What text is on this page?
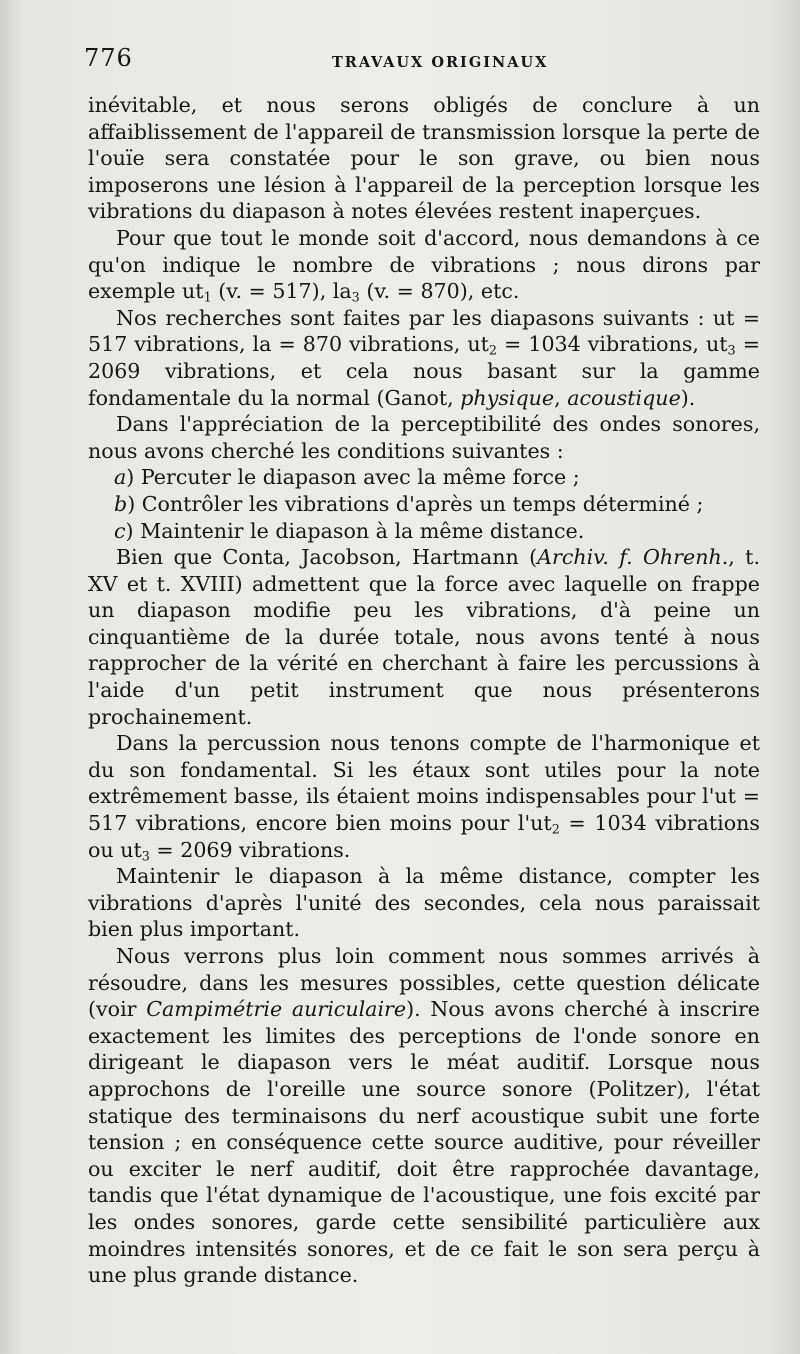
776	TRAVAUX ORIGINAUX

inévitable, et nous serons obligés de conclure à un affaiblissement de l'appareil de transmission lorsque la perte de l'ouïe sera constatée pour le son grave, ou bien nous imposerons une lésion à l'appareil de la perception lorsque les vibrations du diapason à notes élevées restent inaperçues.

Pour que tout le monde soit d'accord, nous demandons à ce qu'on indique le nombre de vibrations ; nous dirons par exemple $ut_1$ (v. = 517), $la_3$ (v. = 870), etc.

Nos recherches sont faites par les diapasons suivants : ut = 517 vibrations, la = 870 vibrations, $ut_2 = 1034$ vibrations, $ut_3 = 2069$ vibrations, et cela nous basant sur la gamme fondamentale du la normal (Ganot, physique, acoustique).

Dans l'appréciation de la perceptibilité des ondes sonores, nous avons cherché les conditions suivantes :

a) Percuter le diapason avec la même force ;

b) Contrôler les vibrations d'après un temps déterminé ;

c) Maintenir le diapason à la même distance.

Bien que Conta, Jacobson, Hartmann (Archiv. f. Ohrenh., t. XV et t. XVIII) admettent que la force avec laquelle on frappe un diapason modifie peu les vibrations, d'à peine un cinquantième de la durée totale, nous avons tenté à nous rapprocher de la vérité en cherchant à faire les percussions à l'aide d'un petit instrument que nous présenterons prochainement.

Dans la percussion nous tenons compte de l'harmonique et du son fondamental. Si les étaux sont utiles pour la note extrêmement basse, ils étaient moins indispensables pour l'ut = 517 vibrations, encore bien moins pour $l'ut_2 = 1034$ vibrations ou $ut_3 = 2069$ vibrations.

Maintenir le diapason à la même distance, compter les vibrations d'après l'unité des secondes, cela nous paraissait bien plus important.

Nous verrons plus loin comment nous sommes arrivés à résoudre, dans les mesures possibles, cette question délicate (voir Campimétrie auriculaire). Nous avons cherché à inscrire exactement les limites des perceptions de l'onde sonore en dirigeant le diapason vers le méat auditif. Lorsque nous approchons de l'oreille une source sonore (Politzer), l'état statique des terminaisons du nerf acoustique subit une forte tension ; en conséquence cette source auditive, pour réveiller ou exciter le nerf auditif, doit être rapprochée davantage, tandis que l'état dynamique de l'acoustique, une fois excité par les ondes sonores, garde cette sensibilité particulière aux moindres intensités sonores, et de ce fait le son sera perçu à une plus grande distance.
